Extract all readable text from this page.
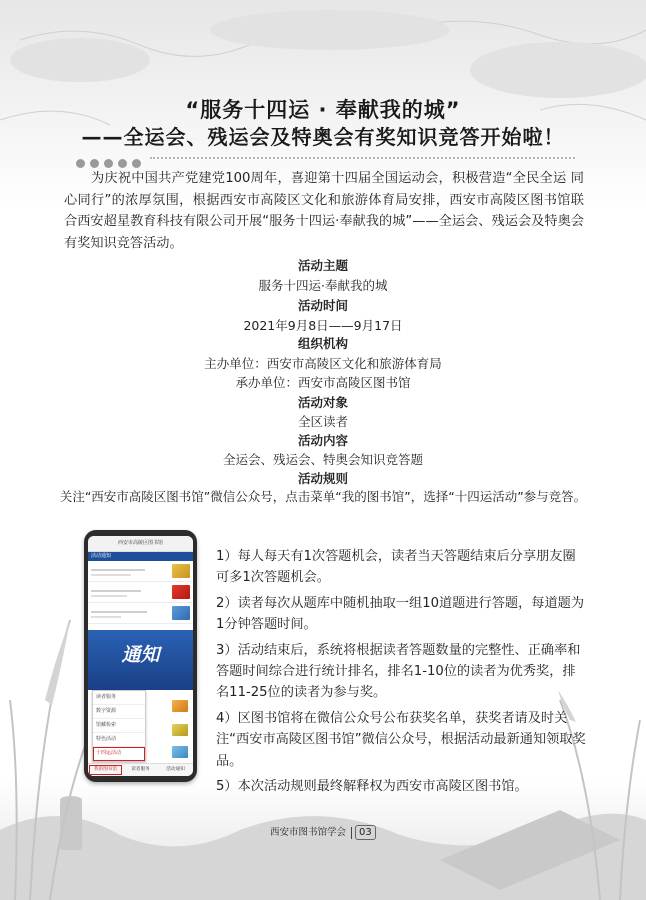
“服务十四运 · 奉献我的城”
——全运会、残运会及特奥会有奖知识竞答开始啦！
为庆祝中国共产党建党100周年，喜迎第十四届全国运动会，积极营造“全民全运 同心同行”的浓厚氛围，根据西安市高陵区文化和旅游体育局安排，西安市高陵区图书馆联合西安超星教育科技有限公司开展“服务十四运·奉献我的城”——全运会、残运会及特奥会有奖知识竞答活动。
活动主题
服务十四运·奉献我的城
活动时间
2021年9月8日——9月17日
组织机构
主办单位：西安市高陵区文化和旅游体育局
承办单位：西安市高陵区图书馆
活动对象
全区读者
活动内容
全运会、残运会、特奥会知识竞答题
活动规则
关注“西安市高陵区图书馆”微信公众号，点击菜单“我的图书馆”，选择“十四运活动”参与竞答。
西安市高陵区图书馆
活动通知
通知
读者服务
数字资源
馆藏检索
特色活动
十四运活动
我的图书馆	读者服务	活动通知

1）每人每天有1次答题机会，读者当天答题结束后分享朋友圈可多1次答题机会。

2）读者每次从题库中随机抽取一组10道题进行答题，每道题为1分钟答题时间。

3）活动结束后，系统将根据读者答题数量的完整性、正确率和答题时间综合进行统计排名，排名1-10位的读者为优秀奖，排名11-25位的读者为参与奖。

4）区图书馆将在微信公众号公布获奖名单，获奖者请及时关注“西安市高陵区图书馆”微信公众号，根据活动最新通知领取奖品。

5）本次活动规则最终解释权为西安市高陵区图书馆。

西安市图书馆学会 03
